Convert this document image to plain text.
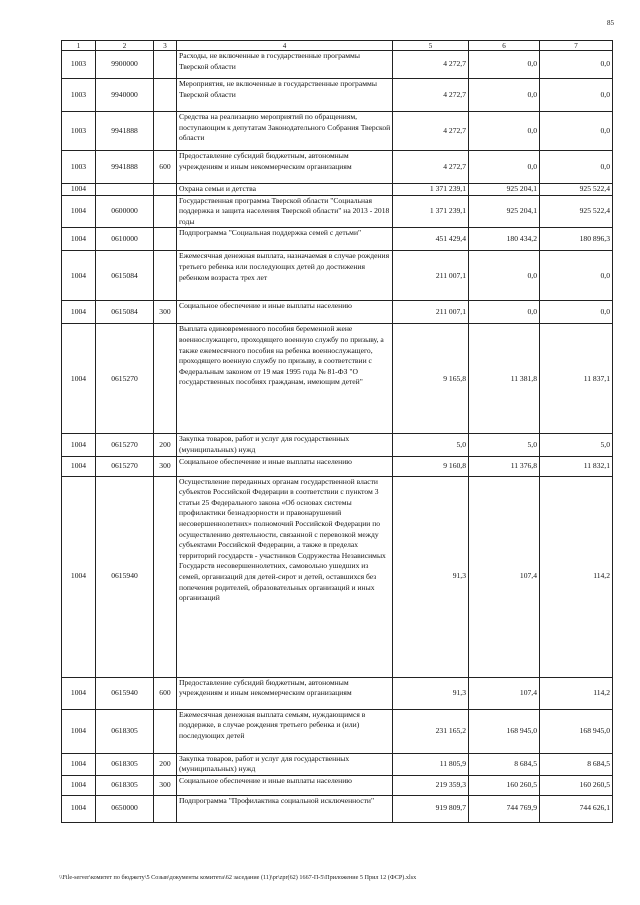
85
1	2	3	4	5	6	7
1003	9900000		Расходы, не включенные в государственные программы Тверской области	4 272,7	0,0	0,0
1003	9940000		Мероприятия, не включенные в государственные программы Тверской области	4 272,7	0,0	0,0
1003	9941888		Средства на реализацию мероприятий по обращениям, поступающим к депутатам Законодательного Собрания Тверской области	4 272,7	0,0	0,0
1003	9941888	600	Предоставление субсидий бюджетным, автономным учреждениям и иным некоммерческим организациям	4 272,7	0,0	0,0
1004			Охрана семьи и детства	1 371 239,1	925 204,1	925 522,4
1004	0600000		Государственная программа Тверской области "Социальная поддержка и защита населения Тверской области" на 2013 - 2018 годы	1 371 239,1	925 204,1	925 522,4
1004	0610000		Подпрограмма "Социальная поддержка семей с детьми"	451 429,4	180 434,2	180 896,3
1004	0615084		Ежемесячная денежная выплата, назначаемая в случае рождения третьего ребенка или последующих детей до достижения ребенком возраста трех лет	211 007,1	0,0	0,0
1004	0615084	300	Социальное обеспечение и иные выплаты населению	211 007,1	0,0	0,0
1004	0615270		Выплата единовременного пособия беременной жене военнослужащего, проходящего военную службу по призыву, а также ежемесячного пособия на ребенка военнослужащего, проходящего военную службу по призыву, в соответствии с Федеральным законом от 19 мая 1995 года № 81-ФЗ "О государственных пособиях гражданам, имеющим детей"	9 165,8	11 381,8	11 837,1
1004	0615270	200	Закупка товаров, работ и услуг для государственных (муниципальных) нужд	5,0	5,0	5,0
1004	0615270	300	Социальное обеспечение и иные выплаты населению	9 160,8	11 376,8	11 832,1
1004	0615940		Осуществление переданных органам государственной власти субъектов Российской Федерации в соответствии с пунктом 3 статьи 25 Федерального закона «Об основах системы профилактики безнадзорности и правонарушений несовершеннолетних» полномочий Российской Федерации по осуществлению деятельности, связанной с перевозкой между субъектами Российской Федерации, а также в пределах территорий государств - участников Содружества Независимых Государств несовершеннолетних, самовольно ушедших из семей, организаций для детей-сирот и детей, оставшихся без попечения родителей, образовательных организаций и иных организаций	91,3	107,4	114,2
1004	0615940	600	Предоставление субсидий бюджетным, автономным учреждениям и иным некоммерческим организациям	91,3	107,4	114,2
1004	0618305		Ежемесячная денежная выплата семьям, нуждающимся в поддержке, в случае рождения третьего ребенка и (или) последующих детей	231 165,2	168 945,0	168 945,0
1004	0618305	200	Закупка товаров, работ и услуг для государственных (муниципальных) нужд	11 805,9	8 684,5	8 684,5
1004	0618305	300	Социальное обеспечение и иные выплаты населению	219 359,3	160 260,5	160 260,5
1004	0650000		Подпрограмма "Профилактика социальной исключенности"	919 809,7	744 769,9	744 626,1
\\File-server\комитет по бюджету\5 Созыв\документы комитета\62 заседание (11)\pr\zpr(62) 1667-П-5\Приложение 5 Прил 12 (ФСР).xlsx
